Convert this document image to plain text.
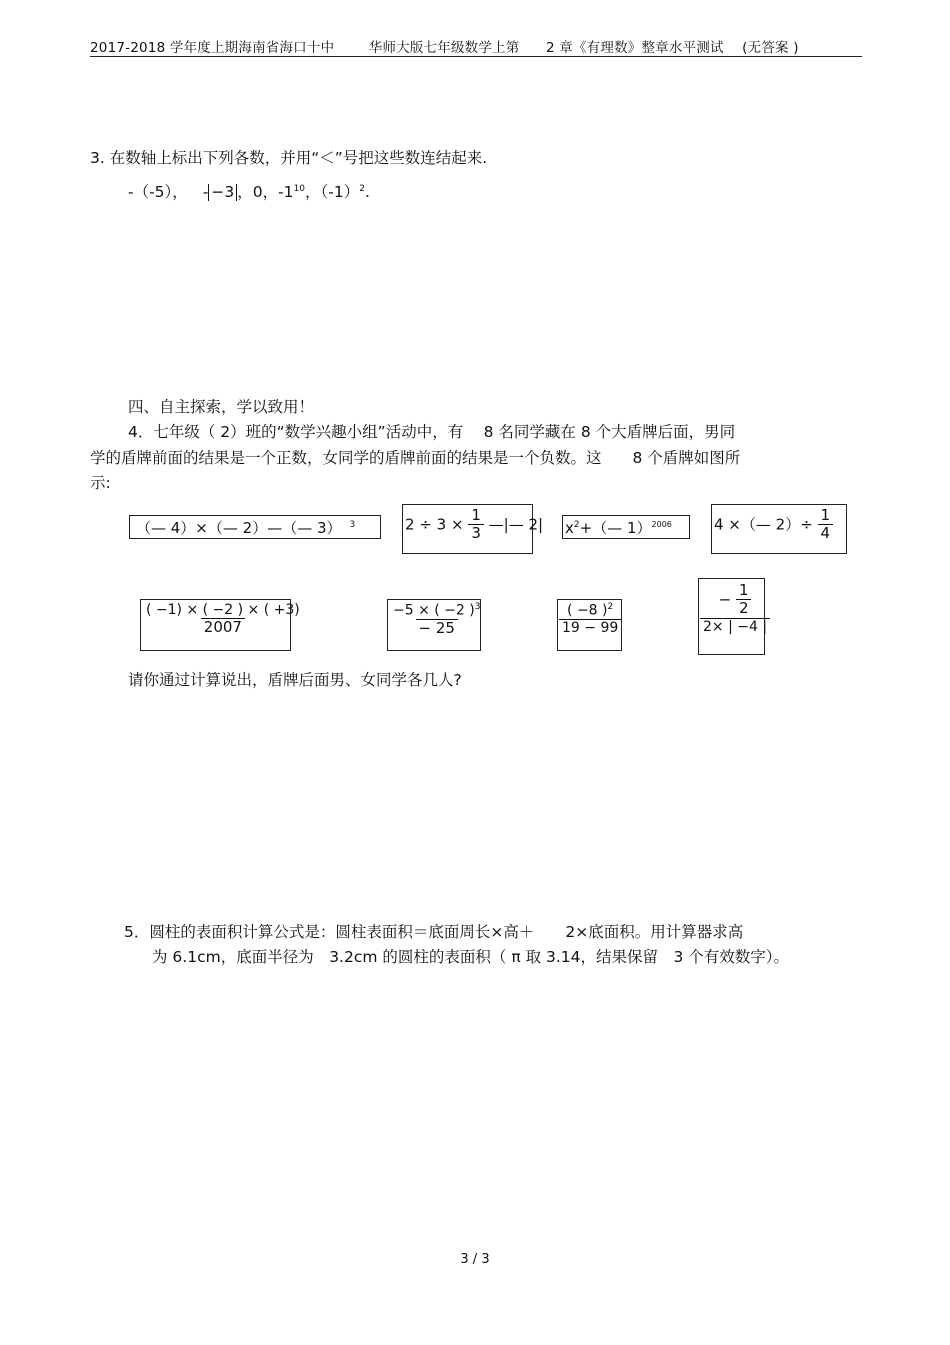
2017-2018 学年度上期海南省海口十中	华师大版七年级数学上第 2 章《有理数》整章水平测试 (无答案 )
3. 在数轴上标出下列各数，并用“＜”号把这些数连结起来.
-（-5）， - −3 ，0，$-1^{10}$，$(-1)^2$.
四、自主探索，学以致用！
4．七年级（ 2）班的“数学兴趣小组”活动中，有　 8 名同学藏在 8 个大盾牌后面，男同
学的盾牌前面的结果是一个正数，女同学的盾牌前面的结果是一个负数。这　　8 个盾牌如图所
示:
（— 4）×（— 2）—（— 3） $^3$	$2 \div 3 \times \frac{1}{3}$ —|— 2| $x^2+(—$ 1）$^{2006}$	4 ×（— $2)\div \frac{1}{4}$
$\frac{( -1) \times ( -2 ) \times ( +3)}{2007}$	$\frac{-5 \times ( -2 )^3}{- 25}$	$\frac{( -8 )^2}{19 - 99}$	$\frac{- \frac{1}{2}}{2\times | -4 |}$
请你通过计算说出，盾牌后面男、女同学各几人?
5．圆柱的表面积计算公式是：圆柱表面积＝底面周长×高＋　　2×底面积。用计算器求高
为 6.1cm，底面半径为　3.2cm 的圆柱的表面积（ π 取 3.14，结果保留　3 个有效数字）。
3 / 3
